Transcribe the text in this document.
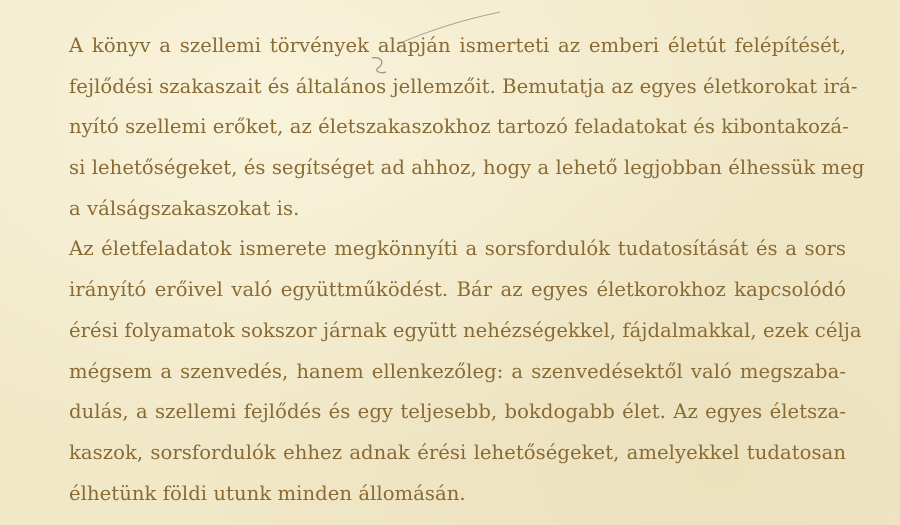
A könyv a szellemi törvények alapján ismerteti az emberi életút felépítését,
fejlődési szakaszait és általános jellemzőit. Bemutatja az egyes életkorokat irá-
nyító szellemi erőket, az életszakaszokhoz tartozó feladatokat és kibontakozá-
si lehetőségeket, és segítséget ad ahhoz, hogy a lehető legjobban élhessük meg
a válságszakaszokat is.
Az életfeladatok ismerete megkönnyíti a sorsfordulók tudatosítását és a sors
irányító erőivel való együttműködést. Bár az egyes életkorokhoz kapcsolódó
érési folyamatok sokszor járnak együtt nehézségekkel, fájdalmakkal, ezek célja
mégsem a szenvedés, hanem ellenkezőleg: a szenvedésektől való megszaba-
dulás, a szellemi fejlődés és egy teljesebb, bokdogabb élet. Az egyes életsza-
kaszok, sorsfordulók ehhez adnak érési lehetőségeket, amelyekkel tudatosan
élhetünk földi utunk minden állomásán.
